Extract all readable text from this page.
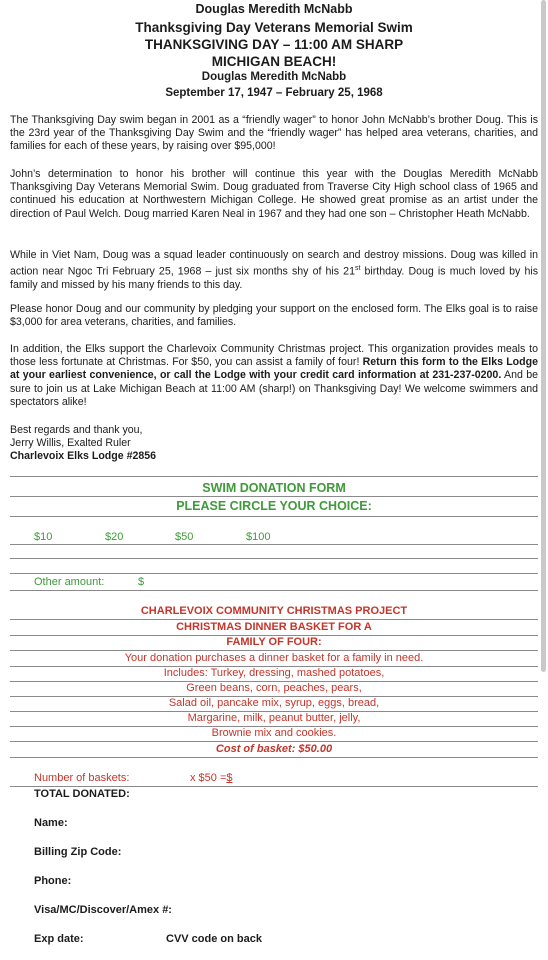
Douglas Meredith McNabb
Thanksgiving Day Veterans Memorial Swim
THANKSGIVING DAY – 11:00 AM SHARP
MICHIGAN BEACH!
Douglas Meredith McNabb
September 17, 1947 – February 25, 1968

The Thanksgiving Day swim began in 2001 as a “friendly wager” to honor John McNabb’s brother Doug. This is the 23rd year of the Thanksgiving Day Swim and the “friendly wager” has helped area veterans, charities, and families for each of these years, by raising over $95,000!

John’s determination to honor his brother will continue this year with the Douglas Meredith McNabb Thanksgiving Day Veterans Memorial Swim. Doug graduated from Traverse City High school class of 1965 and continued his education at Northwestern Michigan College. He showed great promise as an artist under the direction of Paul Welch. Doug married Karen Neal in 1967 and they had one son – Christopher Heath McNabb.

While in Viet Nam, Doug was a squad leader continuously on search and destroy missions. Doug was killed in action near Ngoc Tri February 25, 1968 – just six months shy of his 21st birthday. Doug is much loved by his family and missed by his many friends to this day.

Please honor Doug and our community by pledging your support on the enclosed form. The Elks goal is to raise $3,000 for area veterans, charities, and families.

In addition, the Elks support the Charlevoix Community Christmas project. This organization provides meals to those less fortunate at Christmas. For $50, you can assist a family of four! Return this form to the Elks Lodge at your earliest convenience, or call the Lodge with your credit card information at 231-237-0200. And be sure to join us at Lake Michigan Beach at 11:00 AM (sharp!) on Thanksgiving Day! We welcome swimmers and spectators alike!

Best regards and thank you,

Jerry Willis, Exalted Ruler

Charlevoix Elks Lodge #2856

SWIM DONATION FORM

PLEASE CIRCLE YOUR CHOICE:

$10	$20	$50	$100
Other amount:	$

CHARLEVOIX COMMUNITY CHRISTMAS PROJECT

CHRISTMAS DINNER BASKET FOR A

FAMILY OF FOUR:

Your donation purchases a dinner basket for a family in need.

Includes: Turkey, dressing, mashed potatoes,

Green beans, corn, peaches, pears,

Salad oil, pancake mix, syrup, eggs, bread,

Margarine, milk, peanut butter, jelly,

Brownie mix and cookies.

Cost of basket: $50.00

Number of baskets:	x $50 =$
TOTAL DONATED:
Name:
Billing Zip Code:
Phone:
Visa/MC/Discover/Amex #:
Exp date:	CVV code on back
